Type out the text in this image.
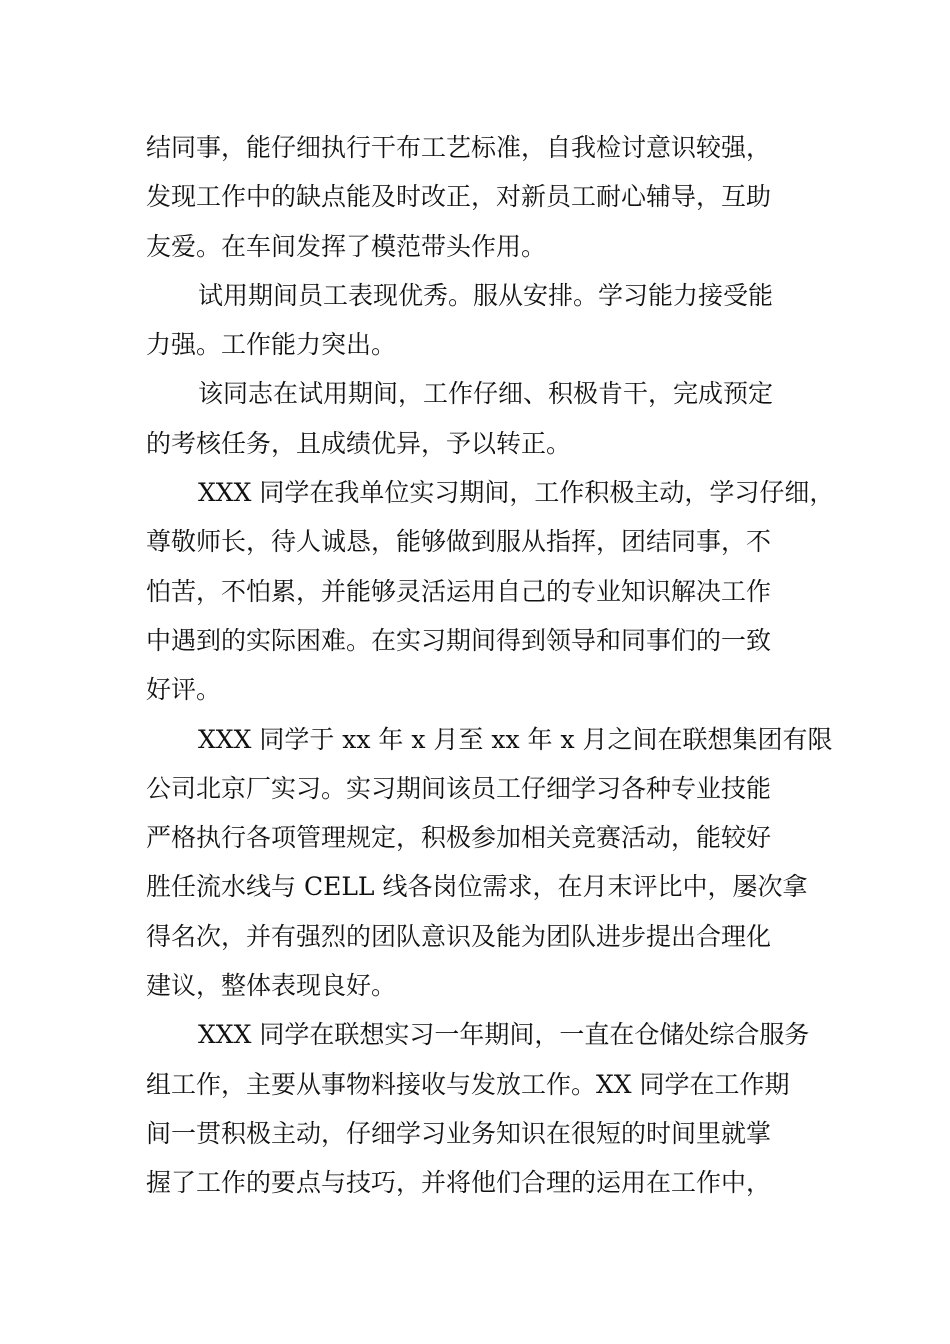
结同事，能仔细执行干布工艺标准，自我检讨意识较强，
发现工作中的缺点能及时改正，对新员工耐心辅导，互助
友爱。在车间发挥了模范带头作用。
试用期间员工表现优秀。服从安排。学习能力接受能
力强。工作能力突出。
该同志在试用期间，工作仔细、积极肯干，完成预定
的考核任务，且成绩优异，予以转正。
XXX 同学在我单位实习期间，工作积极主动，学习仔细，
尊敬师长，待人诚恳，能够做到服从指挥，团结同事，不
怕苦，不怕累，并能够灵活运用自己的专业知识解决工作
中遇到的实际困难。在实习期间得到领导和同事们的一致
好评。
XXX 同学于 xx 年 x 月至 xx 年 x 月之间在联想集团有限
公司北京厂实习。实习期间该员工仔细学习各种专业技能
严格执行各项管理规定，积极参加相关竞赛活动，能较好
胜任流水线与 CELL 线各岗位需求，在月末评比中，屡次拿
得名次，并有强烈的团队意识及能为团队进步提出合理化
建议，整体表现良好。
XXX 同学在联想实习一年期间，一直在仓储处综合服务
组工作，主要从事物料接收与发放工作。XX 同学在工作期
间一贯积极主动，仔细学习业务知识在很短的时间里就掌
握了工作的要点与技巧，并将他们合理的运用在工作中，
